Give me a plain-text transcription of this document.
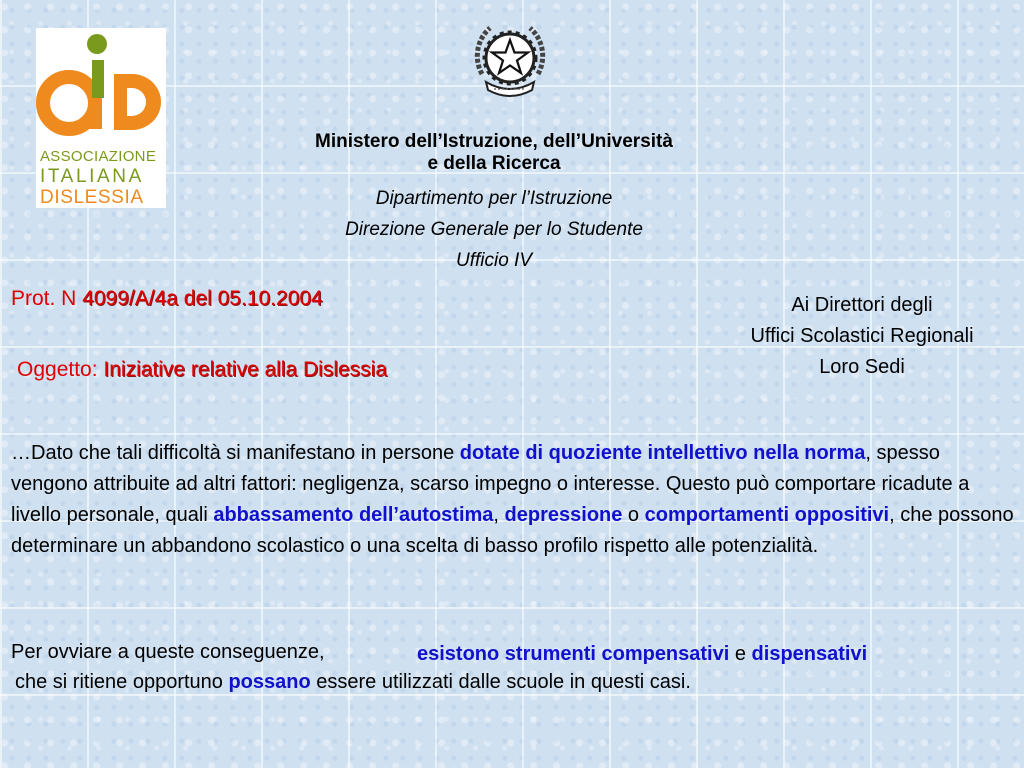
ASSOCIAZIONE
ITALIANA
DISLESSIA
Ministero dell’Istruzione, dell’Università
e della Ricerca
Dipartimento per l’Istruzione
Direzione Generale per lo Studente
Ufficio IV
Prot. N 4099/A/4a del 05.10.2004	Ai Direttori degli
Uffici Scolastici Regionali
Loro Sedi
Oggetto: Iniziative relative alla Dislessia
…Dato che tali difficoltà si manifestano in persone dotate di quoziente intellettivo nella norma, spesso vengono attribuite ad altri fattori: negligenza, scarso impegno o interesse. Questo può comportare ricadute a livello personale, quali abbassamento dell’autostima, depressione o comportamenti oppositivi, che possono determinare un abbandono scolastico o una scelta di basso profilo rispetto alle potenzialità.
Per ovviare a queste conseguenze,	esistono strumenti compensativi e dispensativi
che si ritiene opportuno possano essere utilizzati dalle scuole in questi casi.
